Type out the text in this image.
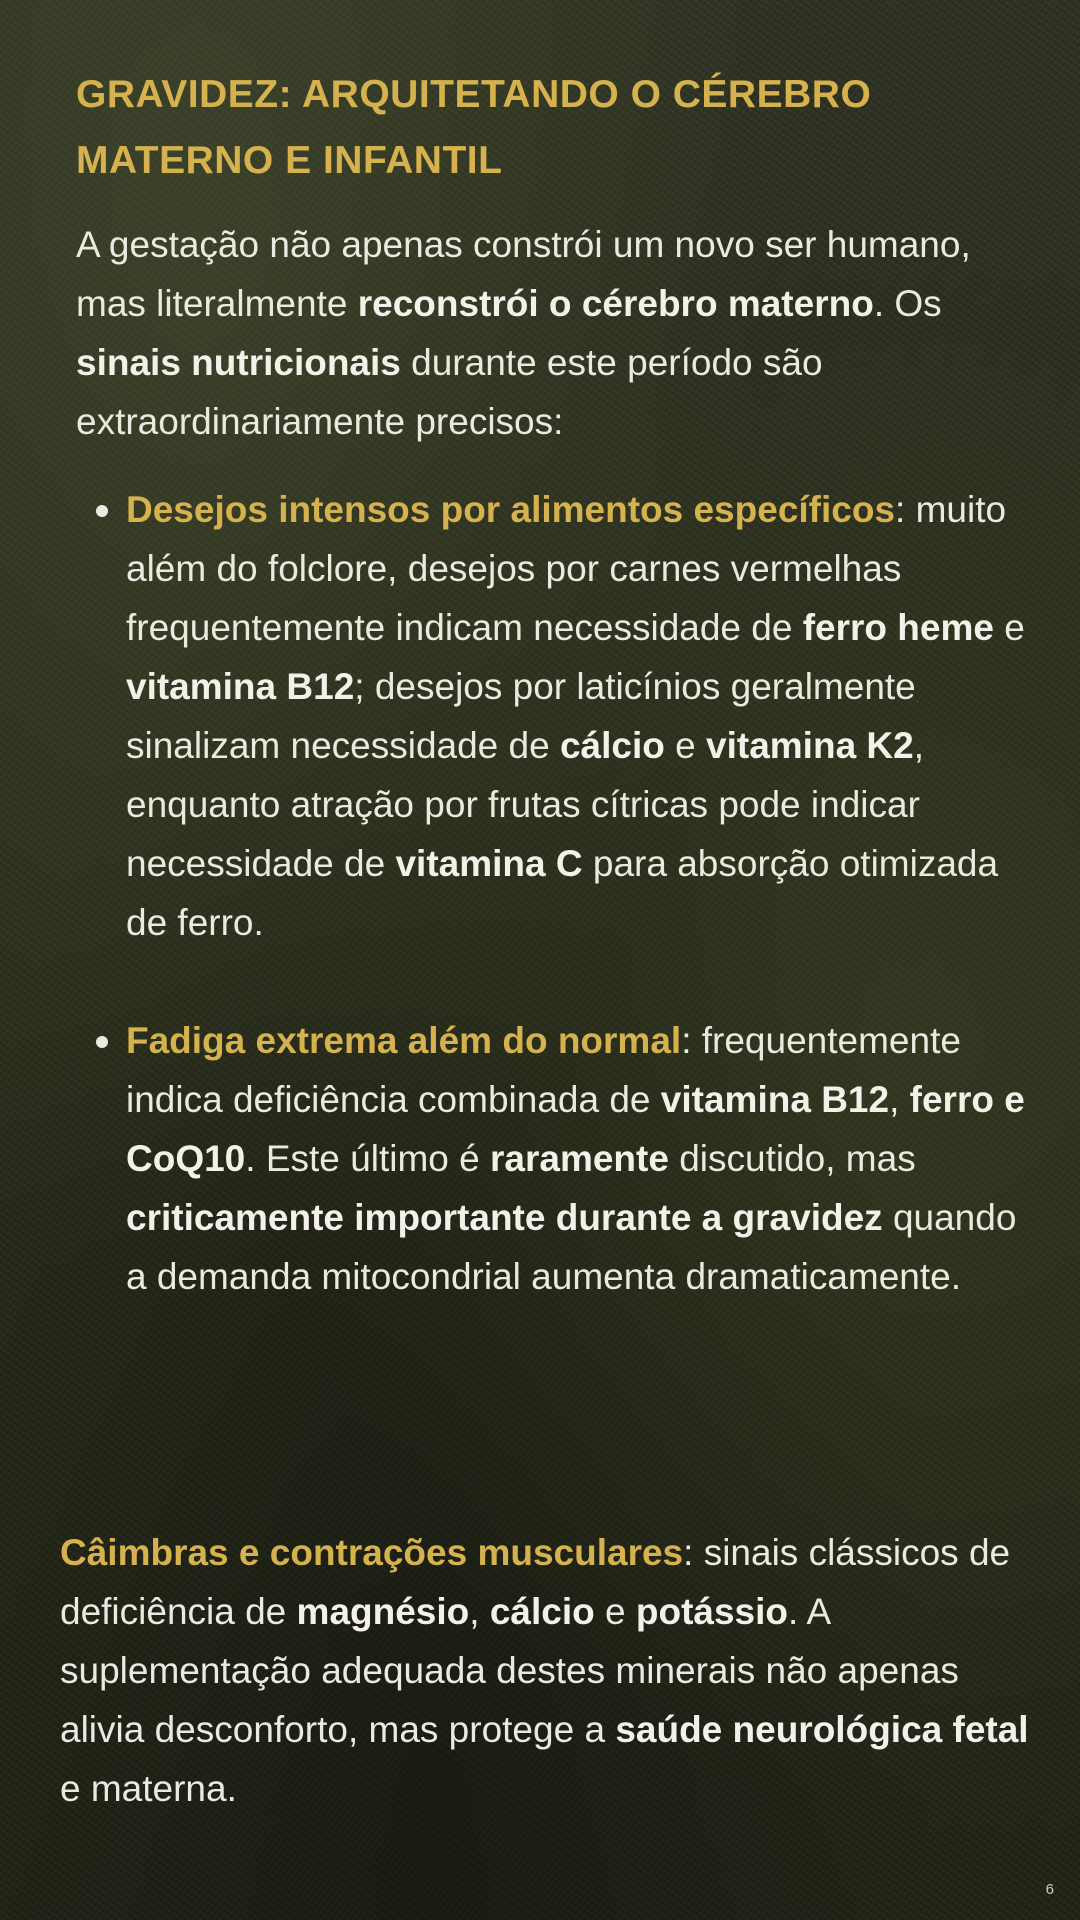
GRAVIDEZ: ARQUITETANDO O CÉREBRO MATERNO E INFANTIL

A gestação não apenas constrói um novo ser humano, mas literalmente reconstrói o cérebro materno. Os sinais nutricionais durante este período são extraordinariamente precisos:

Desejos intensos por alimentos específicos: muito além do folclore, desejos por carnes vermelhas frequentemente indicam necessidade de ferro heme e vitamina B12; desejos por laticínios geralmente sinalizam necessidade de cálcio e vitamina K2, enquanto atração por frutas cítricas pode indicar necessidade de vitamina C para absorção otimizada de ferro.
Fadiga extrema além do normal: frequentemente indica deficiência combinada de vitamina B12, ferro e CoQ10. Este último é raramente discutido, mas criticamente importante durante a gravidez quando a demanda mitocondrial aumenta dramaticamente.

Câimbras e contrações musculares: sinais clássicos de deficiência de magnésio, cálcio e potássio. A suplementação adequada destes minerais não apenas alivia desconforto, mas protege a saúde neurológica fetal e materna.

6
